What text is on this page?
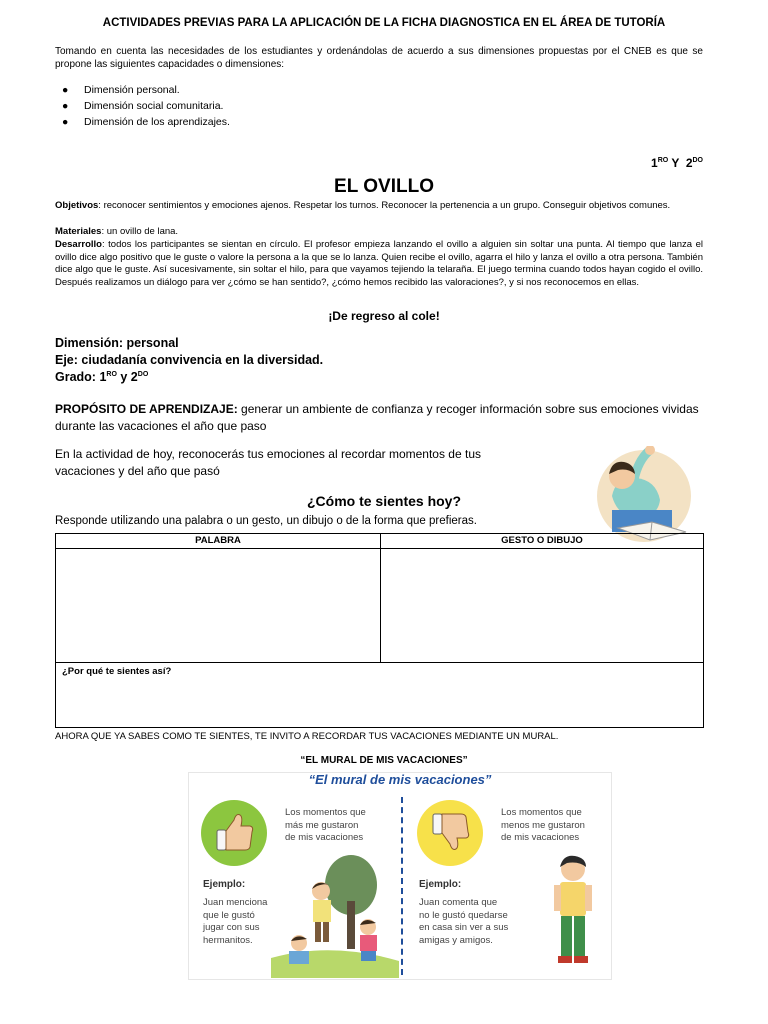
ACTIVIDADES PREVIAS PARA LA APLICACIÓN DE LA FICHA DIAGNOSTICA EN EL ÁREA DE TUTORÍA
Tomando en cuenta las necesidades de los estudiantes y ordenándolas de acuerdo a sus dimensiones propuestas por el CNEB es que se propone las siguientes capacidades o dimensiones:
● Dimensión personal.
● Dimensión social comunitaria.
● Dimensión de los aprendizajes.
$1^{RO}$ Y  $2^{DO}$
EL OVILLO
Objetivos: reconocer sentimientos y emociones ajenos. Respetar los turnos. Reconocer la pertenencia a un grupo. Conseguir objetivos comunes.
Materiales: un ovillo de lana.
Desarrollo: todos los participantes se sientan en círculo. El profesor empieza lanzando el ovillo a alguien sin soltar una punta. Al tiempo que lanza el ovillo dice algo positivo que le guste o valore la persona a la que se lo lanza. Quien recibe el ovillo, agarra el hilo y lanza el ovillo a otra persona. También dice algo que le guste. Así sucesivamente, sin soltar el hilo, para que vayamos tejiendo la telaraña. El juego termina cuando todos hayan cogido el ovillo. Después realizamos un diálogo para ver ¿cómo se han sentido?, ¿cómo hemos recibido las valoraciones?, y si nos reconocemos en ellas.
¡De regreso al cole!
Dimensión: personal
Eje: ciudadanía convivencia en la diversidad.
Grado: $1^{RO}$ y $2^{DO}$
PROPÓSITO DE APRENDIZAJE: generar un ambiente de confianza y recoger información sobre sus emociones vividas durante las vacaciones el año que paso
En la actividad de hoy, reconocerás tus emociones al recordar momentos de tus vacaciones y del año que pasó
¿Cómo te sientes hoy?
Responde utilizando una palabra o un gesto, un dibujo o de la forma que prefieras.
PALABRA	GESTO O DIBUJO

¿Por qué te sientes así?	
AHORA QUE YA SABES COMO TE SIENTES, TE INVITO A RECORDAR TUS VACACIONES MEDIANTE UN MURAL.
“EL MURAL DE MIS VACACIONES”
“El mural de mis vacaciones”
Los momentos que
más me gustaron
de mis vacaciones
Ejemplo:
Juan menciona
que le gustó
jugar con sus
hermanitos.
Los momentos que
menos me gustaron
de mis vacaciones
Ejemplo:
Juan comenta que
no le gustó quedarse
en casa sin ver a sus
amigas y amigos.
